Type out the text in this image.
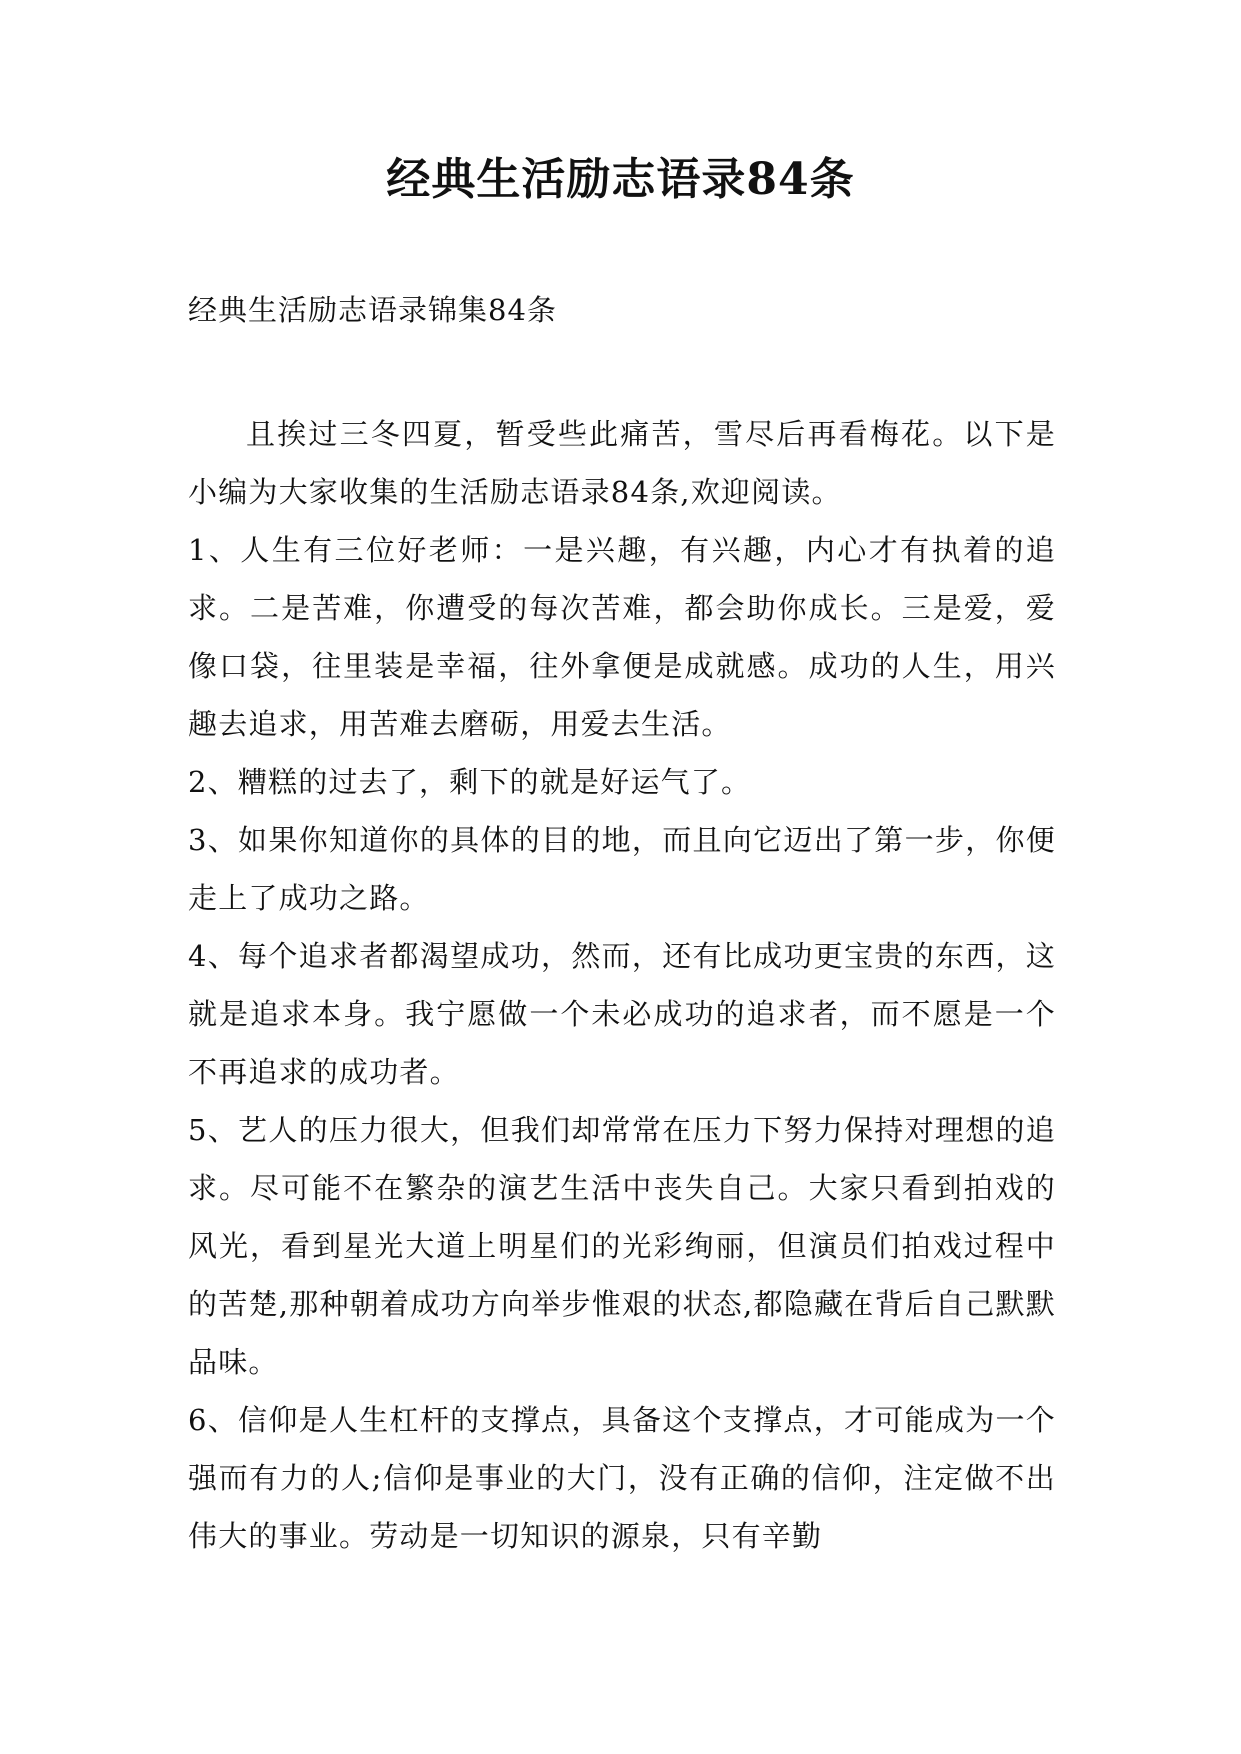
经典生活励志语录84条
经典生活励志语录锦集84条

且挨过三冬四夏，暂受些此痛苦，雪尽后再看梅花。以下是小编为大家收集的生活励志语录84条,欢迎阅读。

1、人生有三位好老师：一是兴趣，有兴趣，内心才有执着的追求。二是苦难，你遭受的每次苦难，都会助你成长。三是爱，爱像口袋，往里装是幸福，往外拿便是成就感。成功的人生，用兴趣去追求，用苦难去磨砺，用爱去生活。

2、糟糕的过去了，剩下的就是好运气了。

3、如果你知道你的具体的目的地，而且向它迈出了第一步，你便走上了成功之路。

4、每个追求者都渴望成功，然而，还有比成功更宝贵的东西，这就是追求本身。我宁愿做一个未必成功的追求者，而不愿是一个不再追求的成功者。

5、艺人的压力很大，但我们却常常在压力下努力保持对理想的追求。尽可能不在繁杂的演艺生活中丧失自己。大家只看到拍戏的风光，看到星光大道上明星们的光彩绚丽，但演员们拍戏过程中的苦楚,那种朝着成功方向举步惟艰的状态,都隐藏在背后自己默默品味。

6、信仰是人生杠杆的支撑点，具备这个支撑点，才可能成为一个强而有力的人;信仰是事业的大门，没有正确的信仰，注定做不出伟大的事业。劳动是一切知识的源泉，只有辛勤
